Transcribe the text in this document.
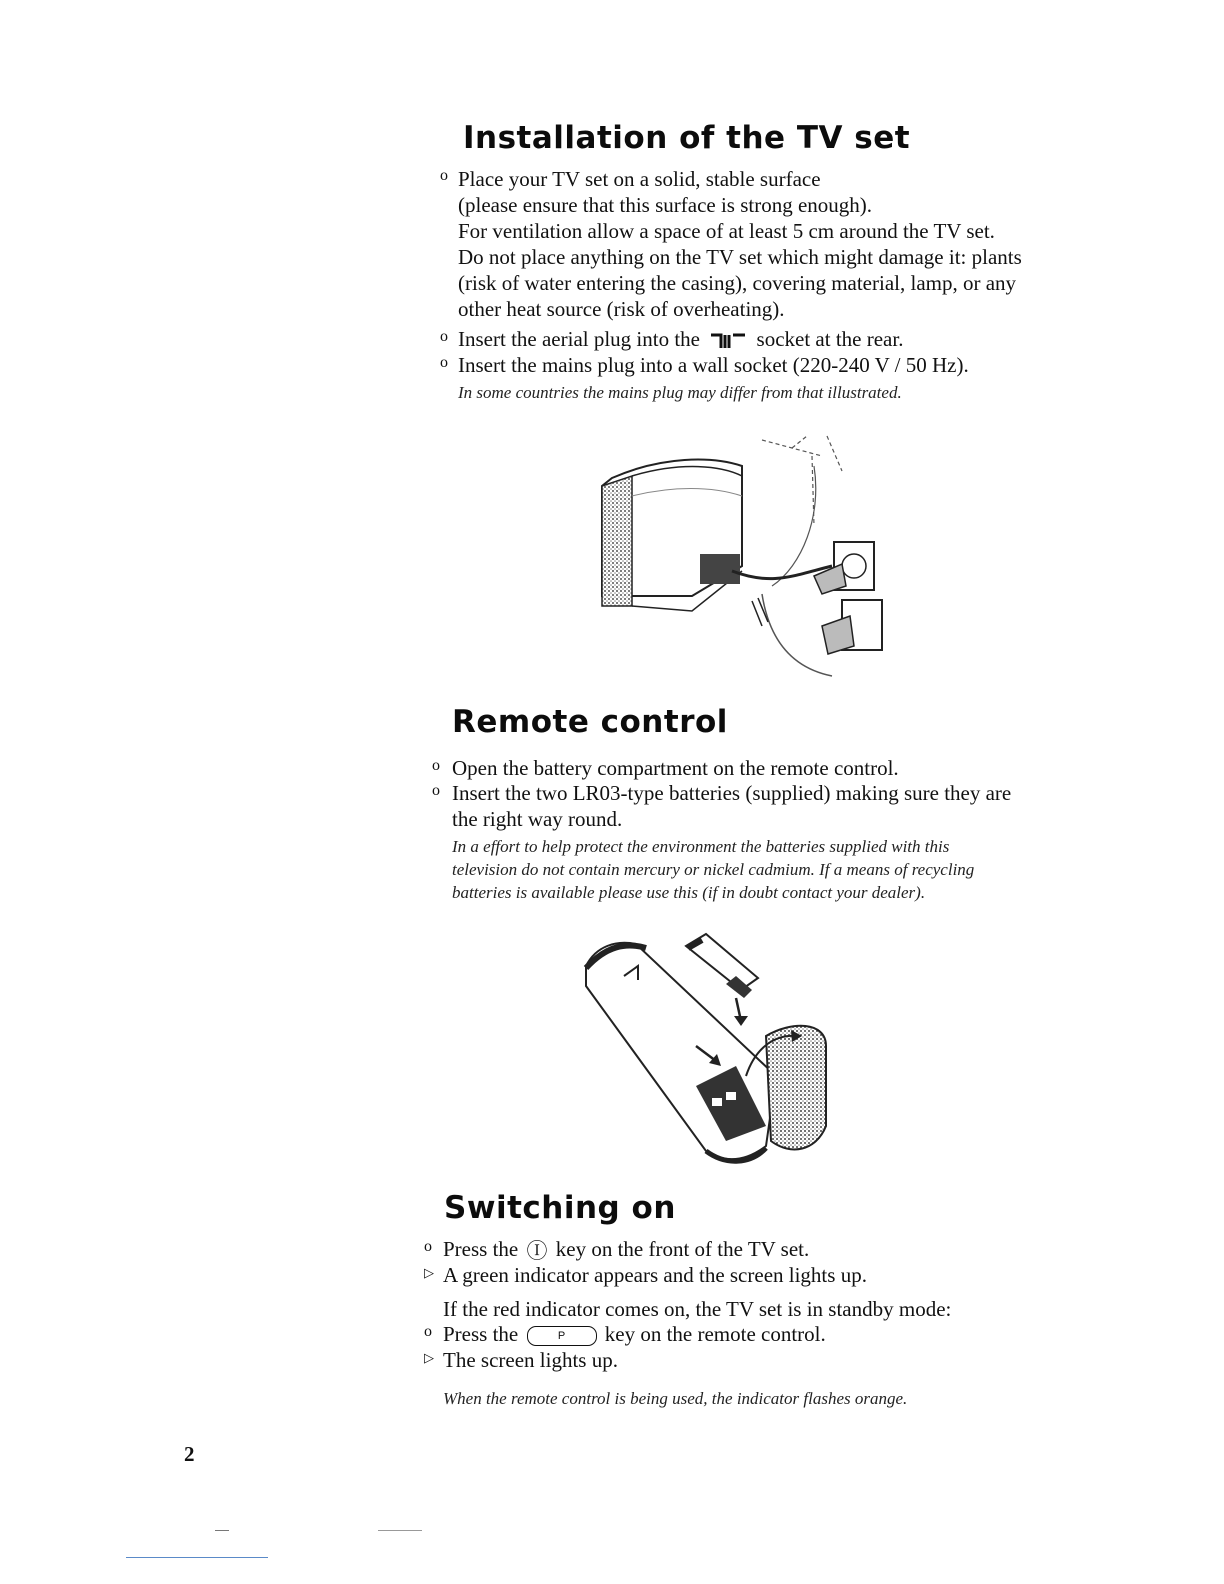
Installation of the TV set
o Place your TV set on a solid, stable surface
(please ensure that this surface is strong enough).
For ventilation allow a space of at least 5 cm around the TV set.
Do not place anything on the TV set which might damage it: plants
(risk of water entering the casing), covering material, lamp, or any
other heat source (risk of overheating).
o Insert the aerial plug into the	socket at the rear.
o Insert the mains plug into a wall socket (220-240 V / 50 Hz).
In some countries the mains plug may differ from that illustrated.
Remote control
o Open the battery compartment on the remote control.
o Insert the two LR03-type batteries (supplied) making sure they are
the right way round.
In a effort to help protect the environment the batteries supplied with this
television do not contain mercury or nickel cadmium. If a means of recycling
batteries is available please use this (if in doubt contact your dealer).
Switching on
o Press the Ⓘ key on the front of the TV set.
▷ A green indicator appears and the screen lights up.
If the red indicator comes on, the TV set is in standby mode:
o Press the	P key on the remote control.
▷ The screen lights up.
When the remote control is being used, the indicator flashes orange.
2
